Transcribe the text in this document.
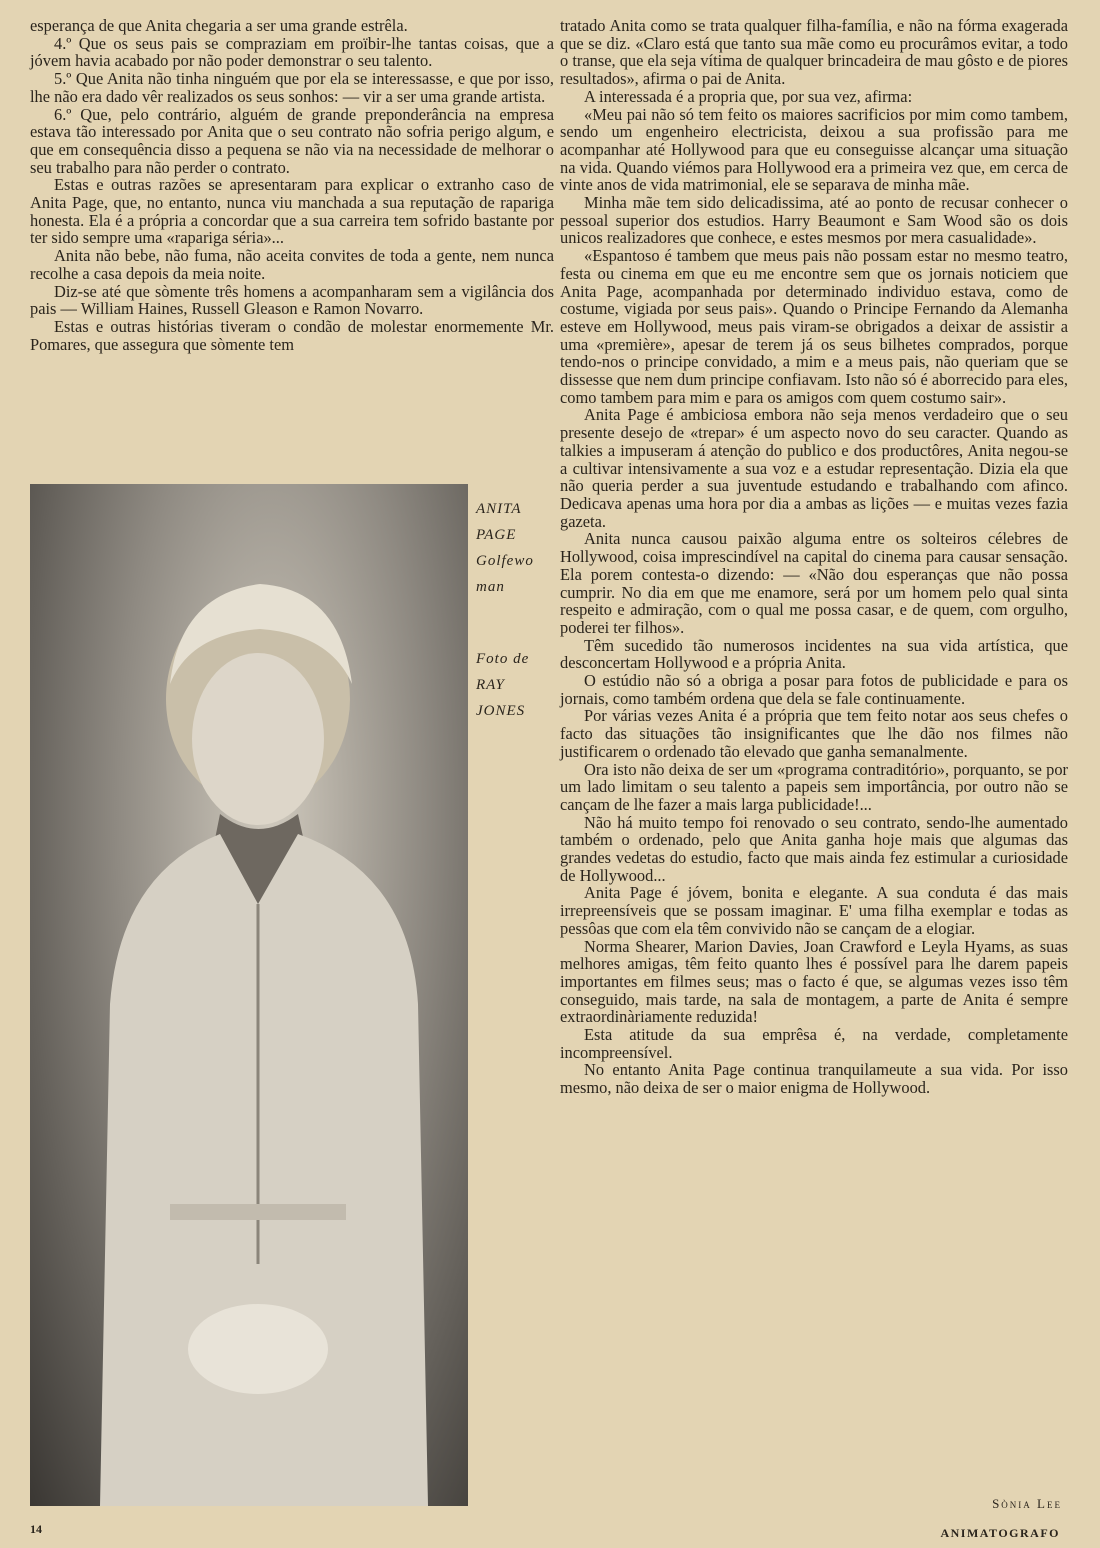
esperança de que Anita chegaria a ser uma grande estrêla.

4.º Que os seus pais se compraziam em proïbir-lhe tantas coisas, que a jóvem havia acabado por não poder demonstrar o seu talento.

5.º Que Anita não tinha ninguém que por ela se interessasse, e que por isso, lhe não era dado vêr realizados os seus sonhos: — vir a ser uma grande artista.

6.º Que, pelo contrário, alguém de grande preponderância na empresa estava tão interessado por Anita que o seu contrato não sofria perigo algum, e que em consequência disso a pequena se não via na necessidade de melhorar o seu trabalho para não perder o contrato.

Estas e outras razões se apresentaram para explicar o extranho caso de Anita Page, que, no entanto, nunca viu manchada a sua reputação de rapariga honesta. Ela é a própria a concordar que a sua carreira tem sofrido bastante por ter sido sempre uma «rapariga séria»...

Anita não bebe, não fuma, não aceita convites de toda a gente, nem nunca recolhe a casa depois da meia noite.

Diz-se até que sòmente três homens a acompanharam sem a vigilância dos pais — William Haines, Russell Gleason e Ramon Novarro.

Estas e outras histórias tiveram o condão de molestar enormemente Mr. Pomares, que assegura que sòmente tem

ANITA
PAGE
Golfewo
man
Foto de
RAY
JONES

tratado Anita como se trata qualquer filha-família, e não na fórma exagerada que se diz. «Claro está que tanto sua mãe como eu procurâmos evitar, a todo o transe, que ela seja vítima de qualquer brincadeira de mau gôsto e de piores resultados», afirma o pai de Anita.

A interessada é a propria que, por sua vez, afirma:

«Meu pai não só tem feito os maiores sacrificios por mim como tambem, sendo um engenheiro electricista, deixou a sua profissão para me acompanhar até Hollywood para que eu conseguisse alcançar uma situação na vida. Quando viémos para Hollywood era a primeira vez que, em cerca de vinte anos de vida matrimonial, ele se separava de minha mãe.

Minha mãe tem sido delicadissima, até ao ponto de recusar conhecer o pessoal superior dos estudios. Harry Beaumont e Sam Wood são os dois unicos realizadores que conhece, e estes mesmos por mera casualidade».

«Espantoso é tambem que meus pais não possam estar no mesmo teatro, festa ou cinema em que eu me encontre sem que os jornais noticiem que Anita Page, acompanhada por determinado individuo estava, como de costume, vigiada por seus pais». Quando o Principe Fernando da Alemanha esteve em Hollywood, meus pais viram-se obrigados a deixar de assistir a uma «première», apesar de terem já os seus bilhetes comprados, porque tendo-nos o principe convidado, a mim e a meus pais, não queriam que se dissesse que nem dum principe confiavam. Isto não só é aborrecido para eles, como tambem para mim e para os amigos com quem costumo sair».

Anita Page é ambiciosa embora não seja menos verdadeiro que o seu presente desejo de «trepar» é um aspecto novo do seu caracter. Quando as talkies a impuseram á atenção do publico e dos productôres, Anita negou-se a cultivar intensivamente a sua voz e a estudar representação. Dizia ela que não queria perder a sua juventude estudando e trabalhando com afinco. Dedicava apenas uma hora por dia a ambas as lições — e muitas vezes fazia gazeta.

Anita nunca causou paixão alguma entre os solteiros célebres de Hollywood, coisa imprescindível na capital do cinema para causar sensação. Ela porem contesta-o dizendo: — «Não dou esperanças que não possa cumprir. No dia em que me enamore, será por um homem pelo qual sinta respeito e admiração, com o qual me possa casar, e de quem, com orgulho, poderei ter filhos».

Têm sucedido tão numerosos incidentes na sua vida artística, que desconcertam Hollywood e a própria Anita.

O estúdio não só a obriga a posar para fotos de publicidade e para os jornais, como também ordena que dela se fale continuamente.

Por várias vezes Anita é a própria que tem feito notar aos seus chefes o facto das situações tão insignificantes que lhe dão nos filmes não justificarem o ordenado tão elevado que ganha semanalmente.

Ora isto não deixa de ser um «programa contraditório», porquanto, se por um lado limitam o seu talento a papeis sem importância, por outro não se cançam de lhe fazer a mais larga publicidade!...

Não há muito tempo foi renovado o seu contrato, sendo-lhe aumentado também o ordenado, pelo que Anita ganha hoje mais que algumas das grandes vedetas do estudio, facto que mais ainda fez estimular a curiosidade de Hollywood...

Anita Page é jóvem, bonita e elegante. A sua conduta é das mais irrepreensíveis que se possam imaginar. E' uma filha exemplar e todas as pessôas que com ela têm convivido não se cançam de a elogiar.

Norma Shearer, Marion Davies, Joan Crawford e Leyla Hyams, as suas melhores amigas, têm feito quanto lhes é possível para lhe darem papeis importantes em filmes seus; mas o facto é que, se algumas vezes isso têm conseguido, mais tarde, na sala de montagem, a parte de Anita é sempre extraordinàriamente reduzida!

Esta atitude da sua emprêsa é, na verdade, completamente incompreensível.

No entanto Anita Page continua tranquilameute a sua vida. Por isso mesmo, não deixa de ser o maior enigma de Hollywood.

Sònia Lee
14	ANIMATOGRAFO
